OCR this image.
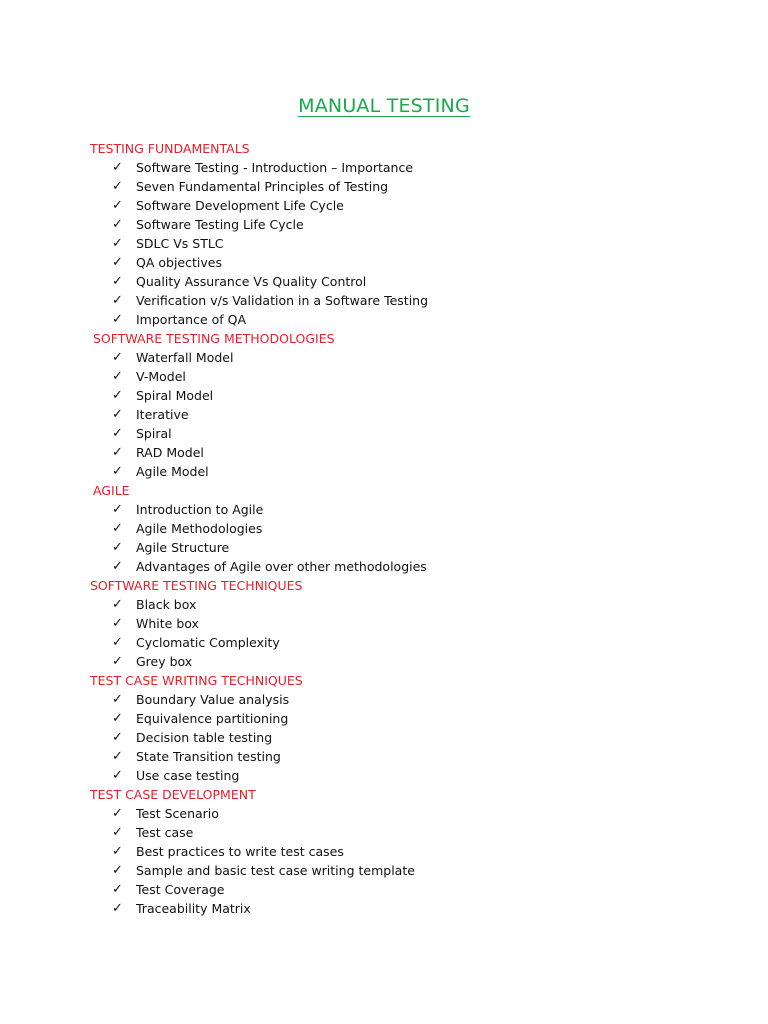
MANUAL TESTING
TESTING FUNDAMENTALS
✓	Software Testing - Introduction – Importance
✓	Seven Fundamental Principles of Testing
✓	Software Development Life Cycle
✓	Software Testing Life Cycle
✓	SDLC Vs STLC
✓	QA objectives
✓	Quality Assurance Vs Quality Control
✓	Verification v/s Validation in a Software Testing
✓	Importance of QA
SOFTWARE TESTING METHODOLOGIES
✓	Waterfall Model
✓	V-Model
✓	Spiral Model
✓	Iterative
✓	Spiral
✓	RAD Model
✓	Agile Model
AGILE
✓	Introduction to Agile
✓	Agile Methodologies
✓	Agile Structure
✓	Advantages of Agile over other methodologies
SOFTWARE TESTING TECHNIQUES
✓	Black box
✓	White box
✓	Cyclomatic Complexity
✓	Grey box
TEST CASE WRITING TECHNIQUES
✓	Boundary Value analysis
✓	Equivalence partitioning
✓	Decision table testing
✓	State Transition testing
✓	Use case testing
TEST CASE DEVELOPMENT
✓	Test Scenario
✓	Test case
✓	Best practices to write test cases
✓	Sample and basic test case writing template
✓	Test Coverage
✓	Traceability Matrix
